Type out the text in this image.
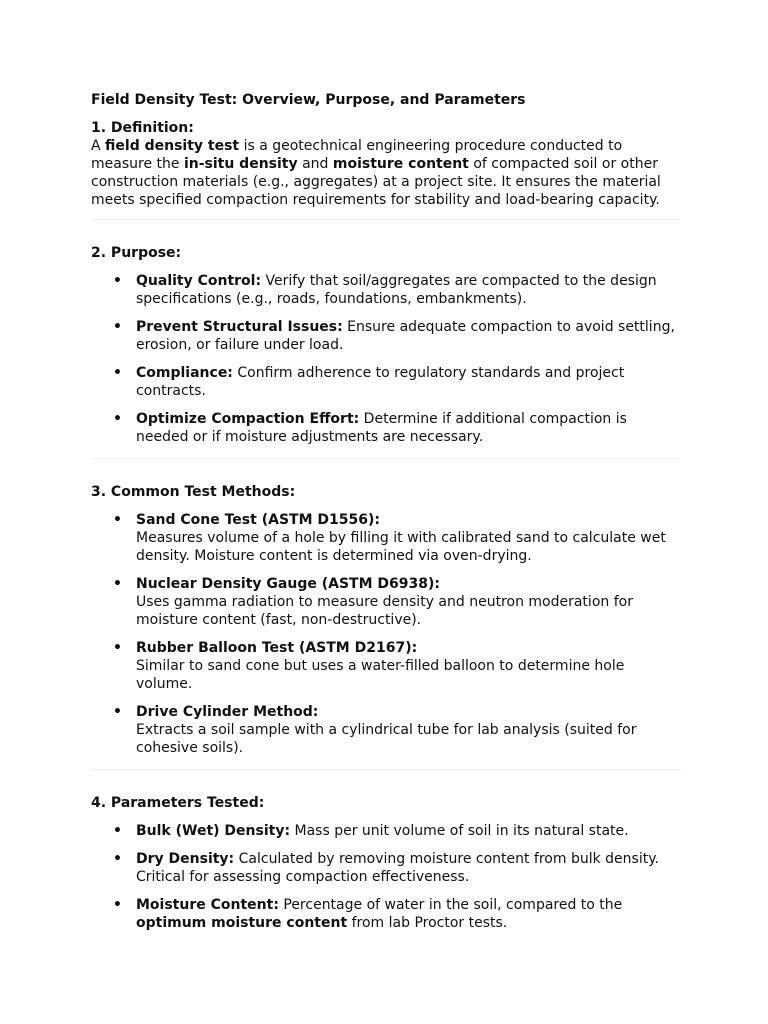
Field Density Test: Overview, Purpose, and Parameters
1. Definition:

A field density test is a geotechnical engineering procedure conducted to measure the in-situ density and moisture content of compacted soil or other construction materials (e.g., aggregates) at a project site. It ensures the material meets specified compaction requirements for stability and load-bearing capacity.

2. Purpose:
• Quality Control: Verify that soil/aggregates are compacted to the design specifications (e.g., roads, foundations, embankments).
• Prevent Structural Issues: Ensure adequate compaction to avoid settling, erosion, or failure under load.
• Compliance: Confirm adherence to regulatory standards and project contracts.
• Optimize Compaction Effort: Determine if additional compaction is needed or if moisture adjustments are necessary.
3. Common Test Methods:
• Sand Cone Test (ASTM D1556):
Measures volume of a hole by filling it with calibrated sand to calculate wet density. Moisture content is determined via oven-drying.
• Nuclear Density Gauge (ASTM D6938):
Uses gamma radiation to measure density and neutron moderation for moisture content (fast, non-destructive).
• Rubber Balloon Test (ASTM D2167):
Similar to sand cone but uses a water-filled balloon to determine hole volume.
• Drive Cylinder Method:
Extracts a soil sample with a cylindrical tube for lab analysis (suited for cohesive soils).
4. Parameters Tested:
• Bulk (Wet) Density: Mass per unit volume of soil in its natural state.
• Dry Density: Calculated by removing moisture content from bulk density. Critical for assessing compaction effectiveness.
• Moisture Content: Percentage of water in the soil, compared to the optimum moisture content from lab Proctor tests.
